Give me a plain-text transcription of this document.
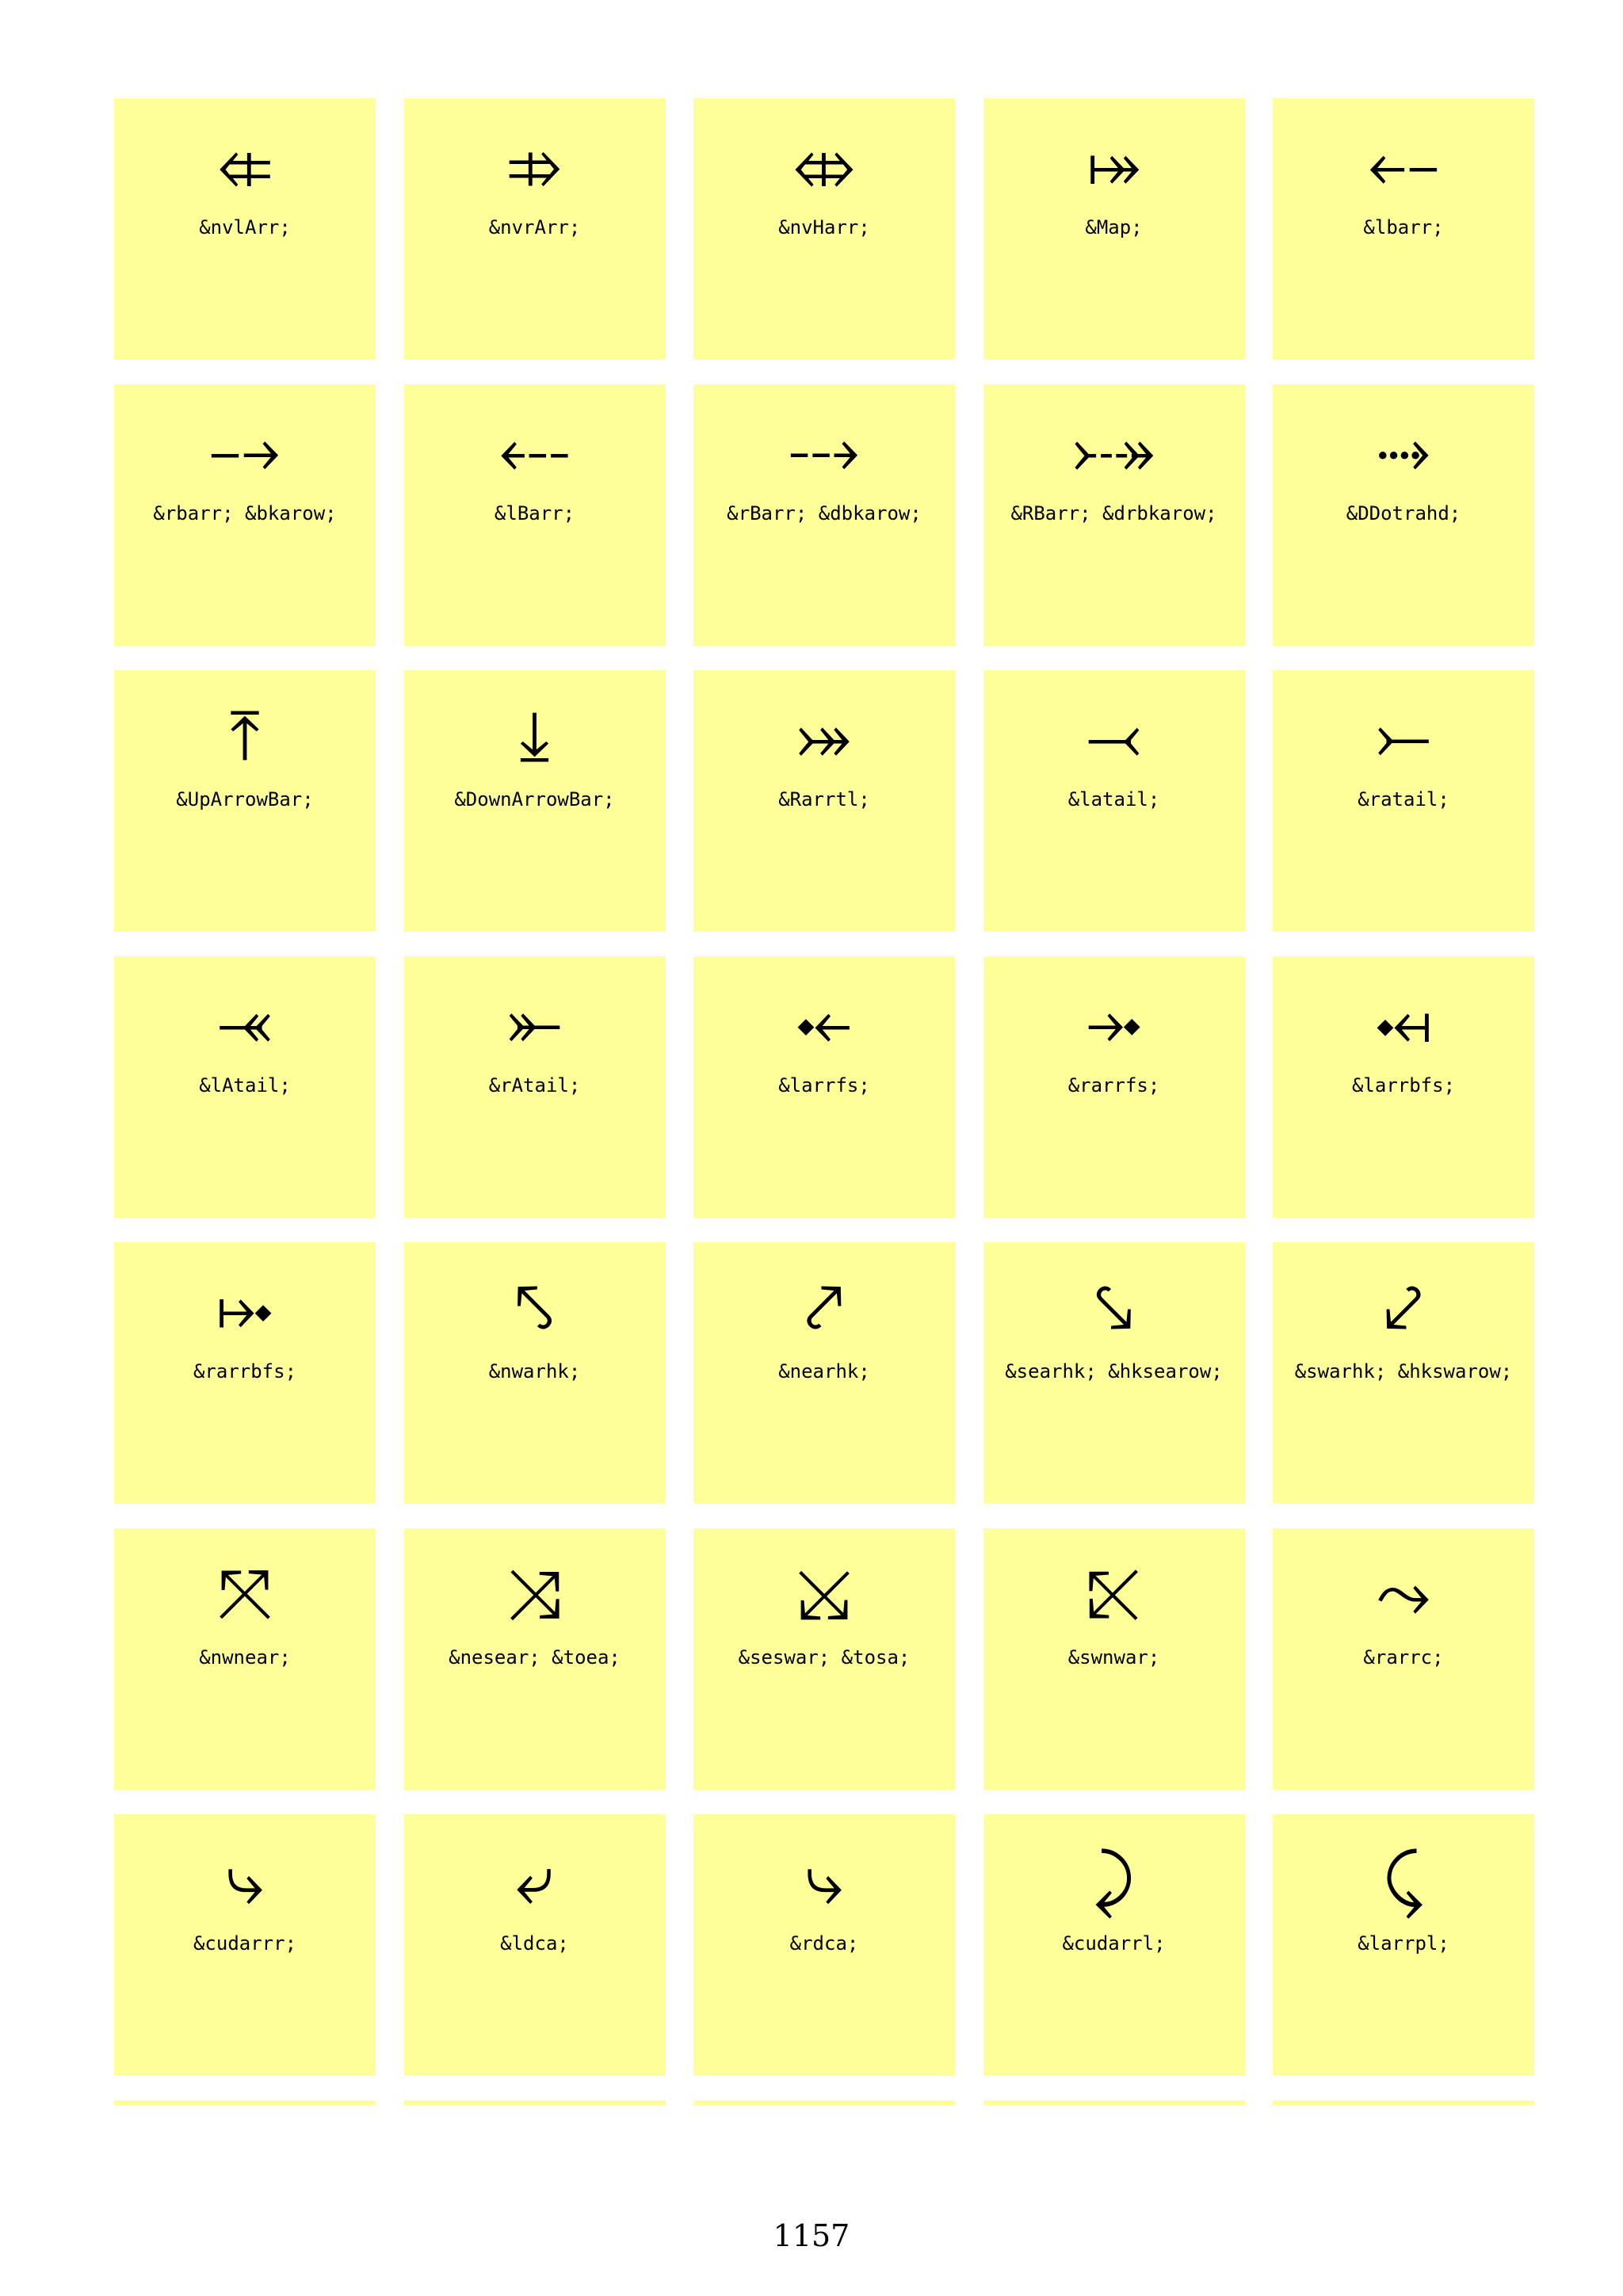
⤂
&nvlArr;
⤃
&nvrArr;
⤄
&nvHarr;
⤅
&Map;
⤌
&lbarr;
⤍
&rbarr; &bkarow;
⤎
&lBarr;
⤏
&rBarr; &dbkarow;
⤐
&RBarr; &drbkarow;
⤑
&DDotrahd;
⤒
&UpArrowBar;
⤓
&DownArrowBar;
⤖
&Rarrtl;
⤙
&latail;
⤚
&ratail;
⤛
&lAtail;
⤜
&rAtail;
⤝
&larrfs;
⤞
&rarrfs;
⤟
&larrbfs;
⤠
&rarrbfs;
⤣
&nwarhk;
⤤
&nearhk;
⤥
&searhk; &hksearow;
⤦
&swarhk; &hkswarow;
⤧
&nwnear;
⤨
&nesear; &toea;
⤩
&seswar; &tosa;
⤪
&swnwar;
⤳
&rarrc;
⤷
&cudarrr;
⤶
&ldca;
⤷
&rdca;
⤸
&cudarrl;
⤹
&larrpl;
1157
